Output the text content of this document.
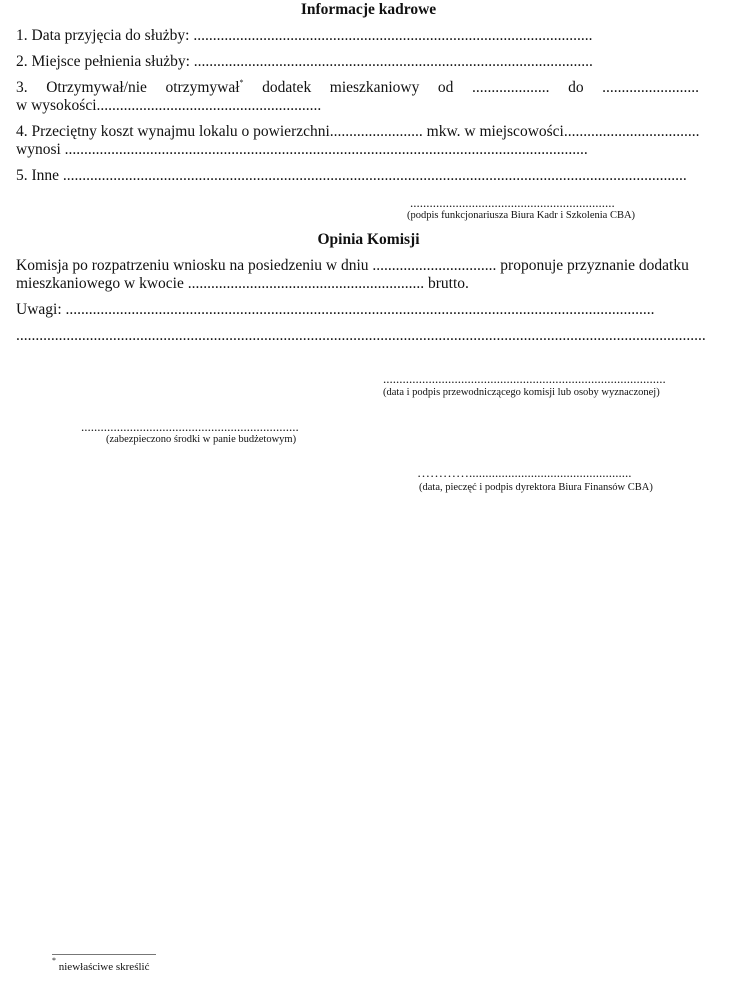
Informacje kadrowe
1. Data przyjęcia do służby: .......................................................................................................
2. Miejsce pełnienia służby: .......................................................................................................
3. Otrzymywał/nie otrzymywał* dodatek mieszkaniowy od .................... do .........................
w wysokości..........................................................
4. Przeciętny koszt wynajmu lokalu o powierzchni........................ mkw. w miejscowości...................................
wynosi .......................................................................................................................................
5. Inne .................................................................................................................................................................
...............................................................
(podpis funkcjonariusza Biura Kadr i Szkolenia CBA)
Opinia Komisji
Komisja po rozpatrzeniu wniosku na posiedzeniu w dniu ................................ proponuje przyznanie dodatku
mieszkaniowego w kwocie ............................................................. brutto.
Uwagi: ........................................................................................................................................................
..................................................................................................................................................................................
.......................................................................................
(data i podpis przewodniczącego komisji lub osoby wyznaczonej)
...................................................................
(zabezpieczono środki w panie budżetowym)
…………..................................................
(data, pieczęć i podpis dyrektora Biura Finansów CBA)
* niewłaściwe skreślić
